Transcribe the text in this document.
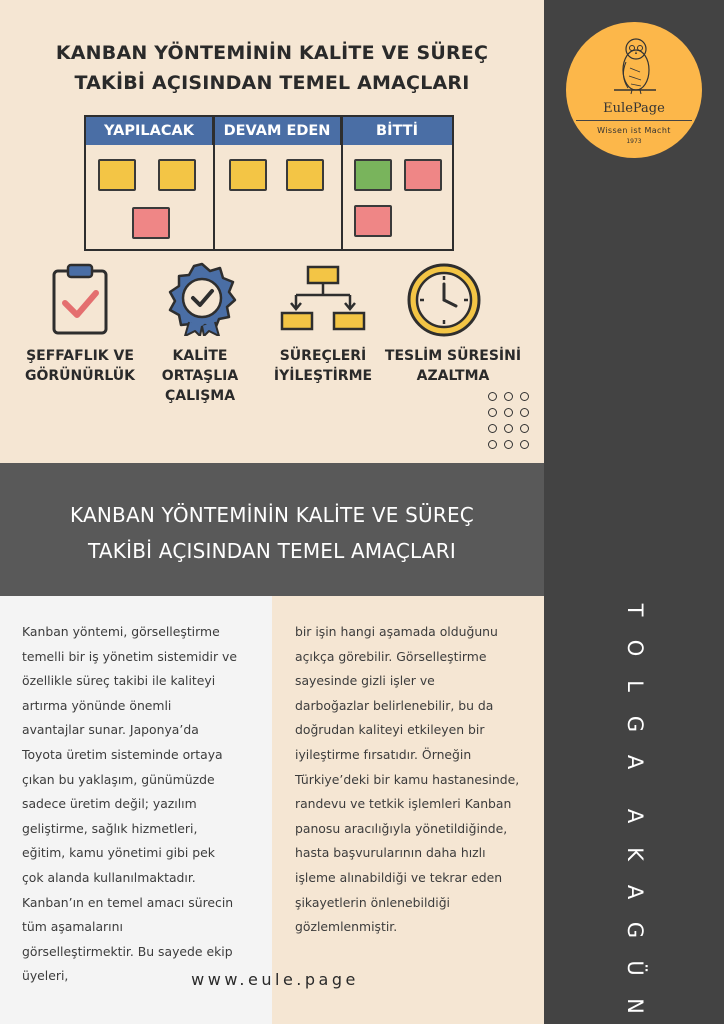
KANBAN YÖNTEMİNİN KALİTE VE SÜREÇ
TAKİBİ AÇISINDAN TEMEL AMAÇLARI
YAPILACAK	DEVAM EDEN	BİTTİ
ŞEFFAFLIK VE
GÖRÜNÜRLÜK
KALİTE
ORTAŞLIA
ÇALIŞMA
SÜREÇLERİ
İYİLEŞTİRME
TESLİM SÜRESİNİ
AZALTMA
EulePage
Wissen ist Macht
1973
T
O
L
G
A
A
K
A
G
Ü
N
KANBAN YÖNTEMİNİN KALİTE VE SÜREÇ
TAKİBİ AÇISINDAN TEMEL AMAÇLARI
Kanban yöntemi, görselleştirme
temelli bir iş yönetim sistemidir ve
özellikle süreç takibi ile kaliteyi
artırma yönünde önemli
avantajlar sunar. Japonya’da
Toyota üretim sisteminde ortaya
çıkan bu yaklaşım, günümüzde
sadece üretim değil; yazılım
geliştirme, sağlık hizmetleri,
eğitim, kamu yönetimi gibi pek
çok alanda kullanılmaktadır.
Kanban’ın en temel amacı sürecin
tüm aşamalarını
görselleştirmektir. Bu sayede ekip
üyeleri,
bir işin hangi aşamada olduğunu
açıkça görebilir. Görselleştirme
sayesinde gizli işler ve
darboğazlar belirlenebilir, bu da
doğrudan kaliteyi etkileyen bir
iyileştirme fırsatıdır. Örneğin
Türkiye’deki bir kamu hastanesinde,
randevu ve tetkik işlemleri Kanban
panosu aracılığıyla yönetildiğinde,
hasta başvurularının daha hızlı
işleme alınabildiği ve tekrar eden
şikayetlerin önlenebildiği
gözlemlenmiştir.
www.eule.page
